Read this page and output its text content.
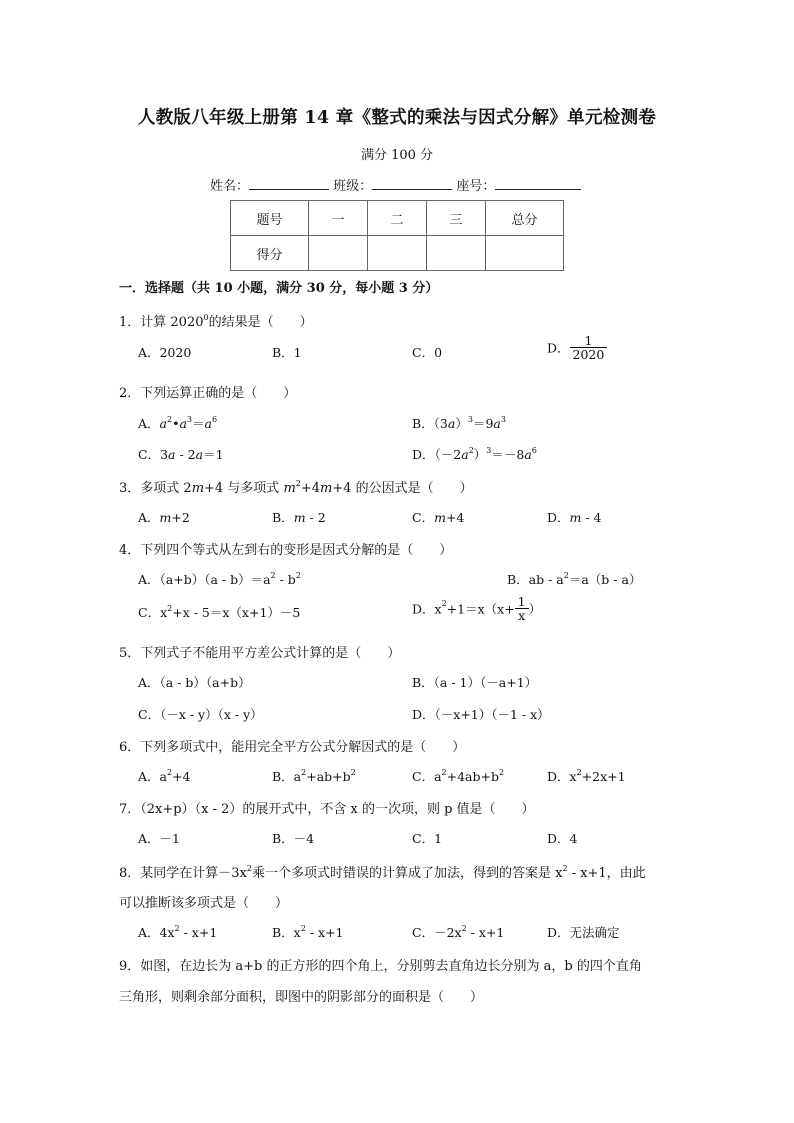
人教版八年级上册第 14 章《整式的乘法与因式分解》单元检测卷
满分 100 分
姓名：	班级：	座号：
题号	一	二	三	总分
得分				
一．选择题（共 10 小题，满分 30 分，每小题 3 分）
1．计算 2020$^0$的结果是（　　）
A．2020	B．1	C．0	D． $\frac{1}{2020}$
2．下列运算正确的是（　　）
A．$a^2•a^3=a^6$	B．$(3a)^3=9a^3$
C．3a - 2a＝1	D．$(-2a^2)^3=-8a^6$
3．多项式 2m+4 与多项式 $m^2+4m+4$ 的公因式是（　　）
A．m+2	B．m - 2	C．m+4	D．m - 4
4．下列四个等式从左到右的变形是因式分解的是（　　）
A．$(a+b)(a - b)=a^2 - b^2$	B．ab - $a^2=a(b - a)$
C．$x^2+x - 5=x(x+1)-5$	D．$x^2+1=x(x+ \frac{1}{x}$ ）
5．下列式子不能用平方差公式计算的是（　　）
A．（a - b）（a+b）	B．（a - 1）（－a+1）
C．（－x - y）（x - y）	D．（－x+1）（－1 - x）
6．下列多项式中，能用完全平方公式分解因式的是（　　）
A．$a^2+4$	B．$a^2+ab+b^2$	C．$a^2+4ab+b^2$	D．$x^2+2x+1$
7．（2x+p）（x - 2）的展开式中，不含 x 的一次项，则 p 值是（　　）
A．－1	B．－4	C．1	D．4
8．某同学在计算$-3x^2$乘一个多项式时错误的计算成了加法，得到的答案是 $x^2 - x+1$，由此
可以推断该多项式是（　　）
A．$4x^2 - x+1$	B．$x^2 - x+1$	C．$-2x^2 - x+1$	D．无法确定
9．如图，在边长为 a+b 的正方形的四个角上，分别剪去直角边长分别为 a，b 的四个直角
三角形，则剩余部分面积，即图中的阴影部分的面积是（　　）
